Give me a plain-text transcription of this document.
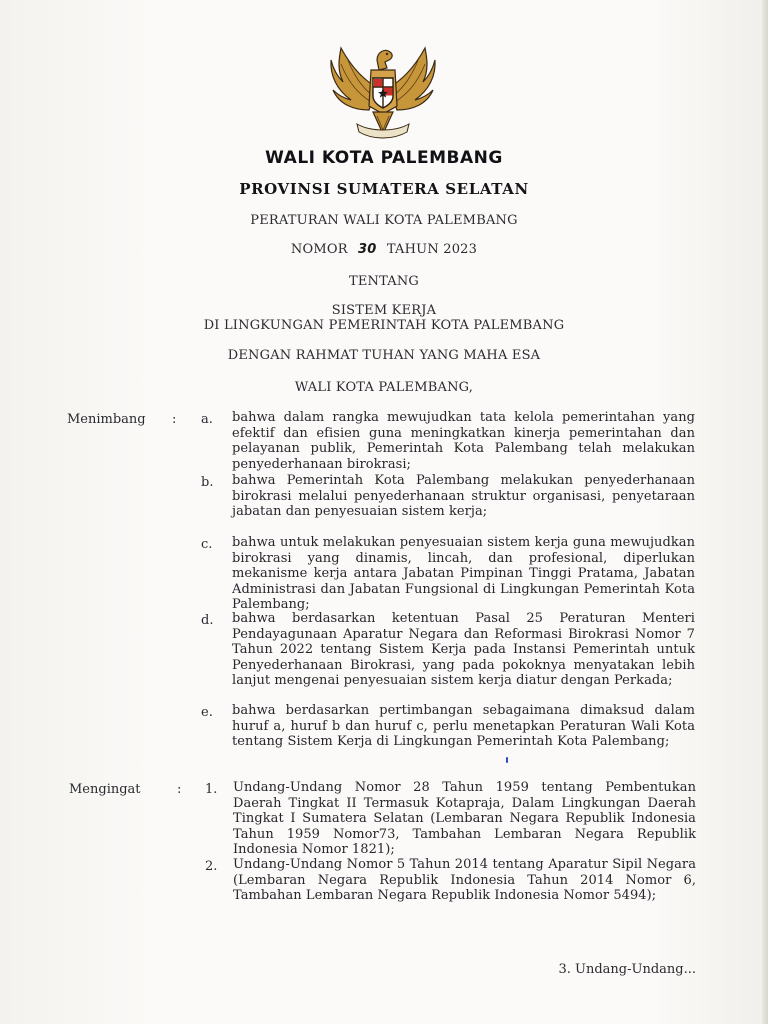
WALI KOTA PALEMBANG
PROVINSI SUMATERA SELATAN
PERATURAN WALI KOTA PALEMBANG
NOMOR 30 TAHUN 2023
TENTANG
SISTEM KERJA
DI LINGKUNGAN PEMERINTAH KOTA PALEMBANG
DENGAN RAHMAT TUHAN YANG MAHA ESA
WALI KOTA PALEMBANG,
Menimbang : a. bahwa dalam rangka mewujudkan tata kelola pemerintahan yang efektif dan efisien guna meningkatkan kinerja pemerintahan dan pelayanan publik, Pemerintah Kota Palembang telah melakukan penyederhanaan birokrasi;
b. bahwa Pemerintah Kota Palembang melakukan penyederhanaan birokrasi melalui penyederhanaan struktur organisasi, penyetaraan jabatan dan penyesuaian sistem kerja;
c. bahwa untuk melakukan penyesuaian sistem kerja guna mewujudkan birokrasi yang dinamis, lincah, dan profesional, diperlukan mekanisme kerja antara Jabatan Pimpinan Tinggi Pratama, Jabatan Administrasi dan Jabatan Fungsional di Lingkungan Pemerintah Kota Palembang;
d. bahwa berdasarkan ketentuan Pasal 25 Peraturan Menteri Pendayagunaan Aparatur Negara dan Reformasi Birokrasi Nomor 7 Tahun 2022 tentang Sistem Kerja pada Instansi Pemerintah untuk Penyederhanaan Birokrasi, yang pada pokoknya menyatakan lebih lanjut mengenai penyesuaian sistem kerja diatur dengan Perkada;
e. bahwa berdasarkan pertimbangan sebagaimana dimaksud dalam huruf a, huruf b dan huruf c, perlu menetapkan Peraturan Wali Kota tentang Sistem Kerja di Lingkungan Pemerintah Kota Palembang;
Mengingat	: 1. Undang-Undang Nomor 28 Tahun 1959 tentang Pembentukan Daerah Tingkat II Termasuk Kotapraja, Dalam Lingkungan Daerah Tingkat I Sumatera Selatan (Lembaran Negara Republik Indonesia Tahun 1959 Nomor73, Tambahan Lembaran Negara Republik Indonesia Nomor 1821);
2. Undang-Undang Nomor 5 Tahun 2014 tentang Aparatur Sipil Negara (Lembaran Negara Republik Indonesia Tahun 2014 Nomor 6, Tambahan Lembaran Negara Republik Indonesia Nomor 5494);
3. Undang-Undang...
